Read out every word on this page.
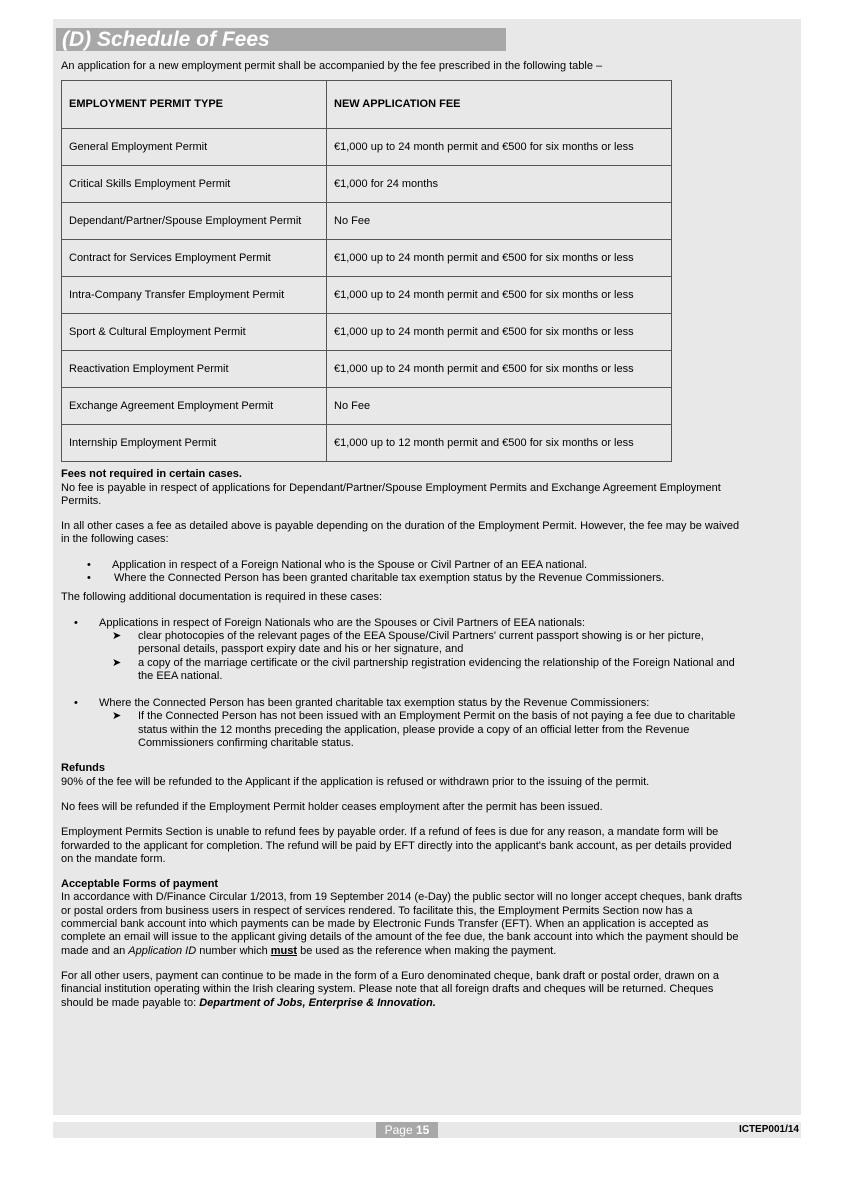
(D) Schedule of Fees

An application for a new employment permit shall be accompanied by the fee prescribed in the following table –

EMPLOYMENT PERMIT TYPE	NEW APPLICATION FEE
General Employment Permit	€1,000 up to 24 month permit and €500 for six months or less
Critical Skills Employment Permit	€1,000 for 24 months
Dependant/Partner/Spouse Employment Permit	No Fee
Contract for Services Employment Permit	€1,000 up to 24 month permit and €500 for six months or less
Intra-Company Transfer Employment Permit	€1,000 up to 24 month permit and €500 for six months or less
Sport & Cultural Employment Permit	€1,000 up to 24 month permit and €500 for six months or less
Reactivation Employment Permit	€1,000 up to 24 month permit and €500 for six months or less
Exchange Agreement Employment Permit	No Fee
Internship Employment Permit	€1,000 up to 12 month permit and €500 for six months or less

Fees not required in certain cases.

No fee is payable in respect of applications for Dependant/Partner/Spouse Employment Permits and Exchange Agreement Employment Permits.

In all other cases a fee as detailed above is payable depending on the duration of the Employment Permit. However, the fee may be waived in the following cases:

• Application in respect of a Foreign National who is the Spouse or Civil Partner of an EEA national.
• Where the Connected Person has been granted charitable tax exemption status by the Revenue Commissioners.

The following additional documentation is required in these cases:

• Applications in respect of Foreign Nationals who are the Spouses or Civil Partners of EEA nationals:
➤ clear photocopies of the relevant pages of the EEA Spouse/Civil Partners' current passport showing is or her picture, personal details, passport expiry date and his or her signature, and
➤ a copy of the marriage certificate or the civil partnership registration evidencing the relationship of the Foreign National and the EEA national.
• Where the Connected Person has been granted charitable tax exemption status by the Revenue Commissioners:
➤ If the Connected Person has not been issued with an Employment Permit on the basis of not paying a fee due to charitable status within the 12 months preceding the application, please provide a copy of an official letter from the Revenue Commissioners confirming charitable status.

Refunds

90% of the fee will be refunded to the Applicant if the application is refused or withdrawn prior to the issuing of the permit.

No fees will be refunded if the Employment Permit holder ceases employment after the permit has been issued.

Employment Permits Section is unable to refund fees by payable order. If a refund of fees is due for any reason, a mandate form will be forwarded to the applicant for completion. The refund will be paid by EFT directly into the applicant's bank account, as per details provided on the mandate form.

Acceptable Forms of payment

In accordance with D/Finance Circular 1/2013, from 19 September 2014 (e-Day) the public sector will no longer accept cheques, bank drafts or postal orders from business users in respect of services rendered. To facilitate this, the Employment Permits Section now has a commercial bank account into which payments can be made by Electronic Funds Transfer (EFT). When an application is accepted as complete an email will issue to the applicant giving details of the amount of the fee due, the bank account into which the payment should be made and an Application ID number which must be used as the reference when making the payment.

For all other users, payment can continue to be made in the form of a Euro denominated cheque, bank draft or postal order, drawn on a financial institution operating within the Irish clearing system. Please note that all foreign drafts and cheques will be returned. Cheques should be made payable to: Department of Jobs, Enterprise & Innovation.

Page 15	ICTEP001/14
